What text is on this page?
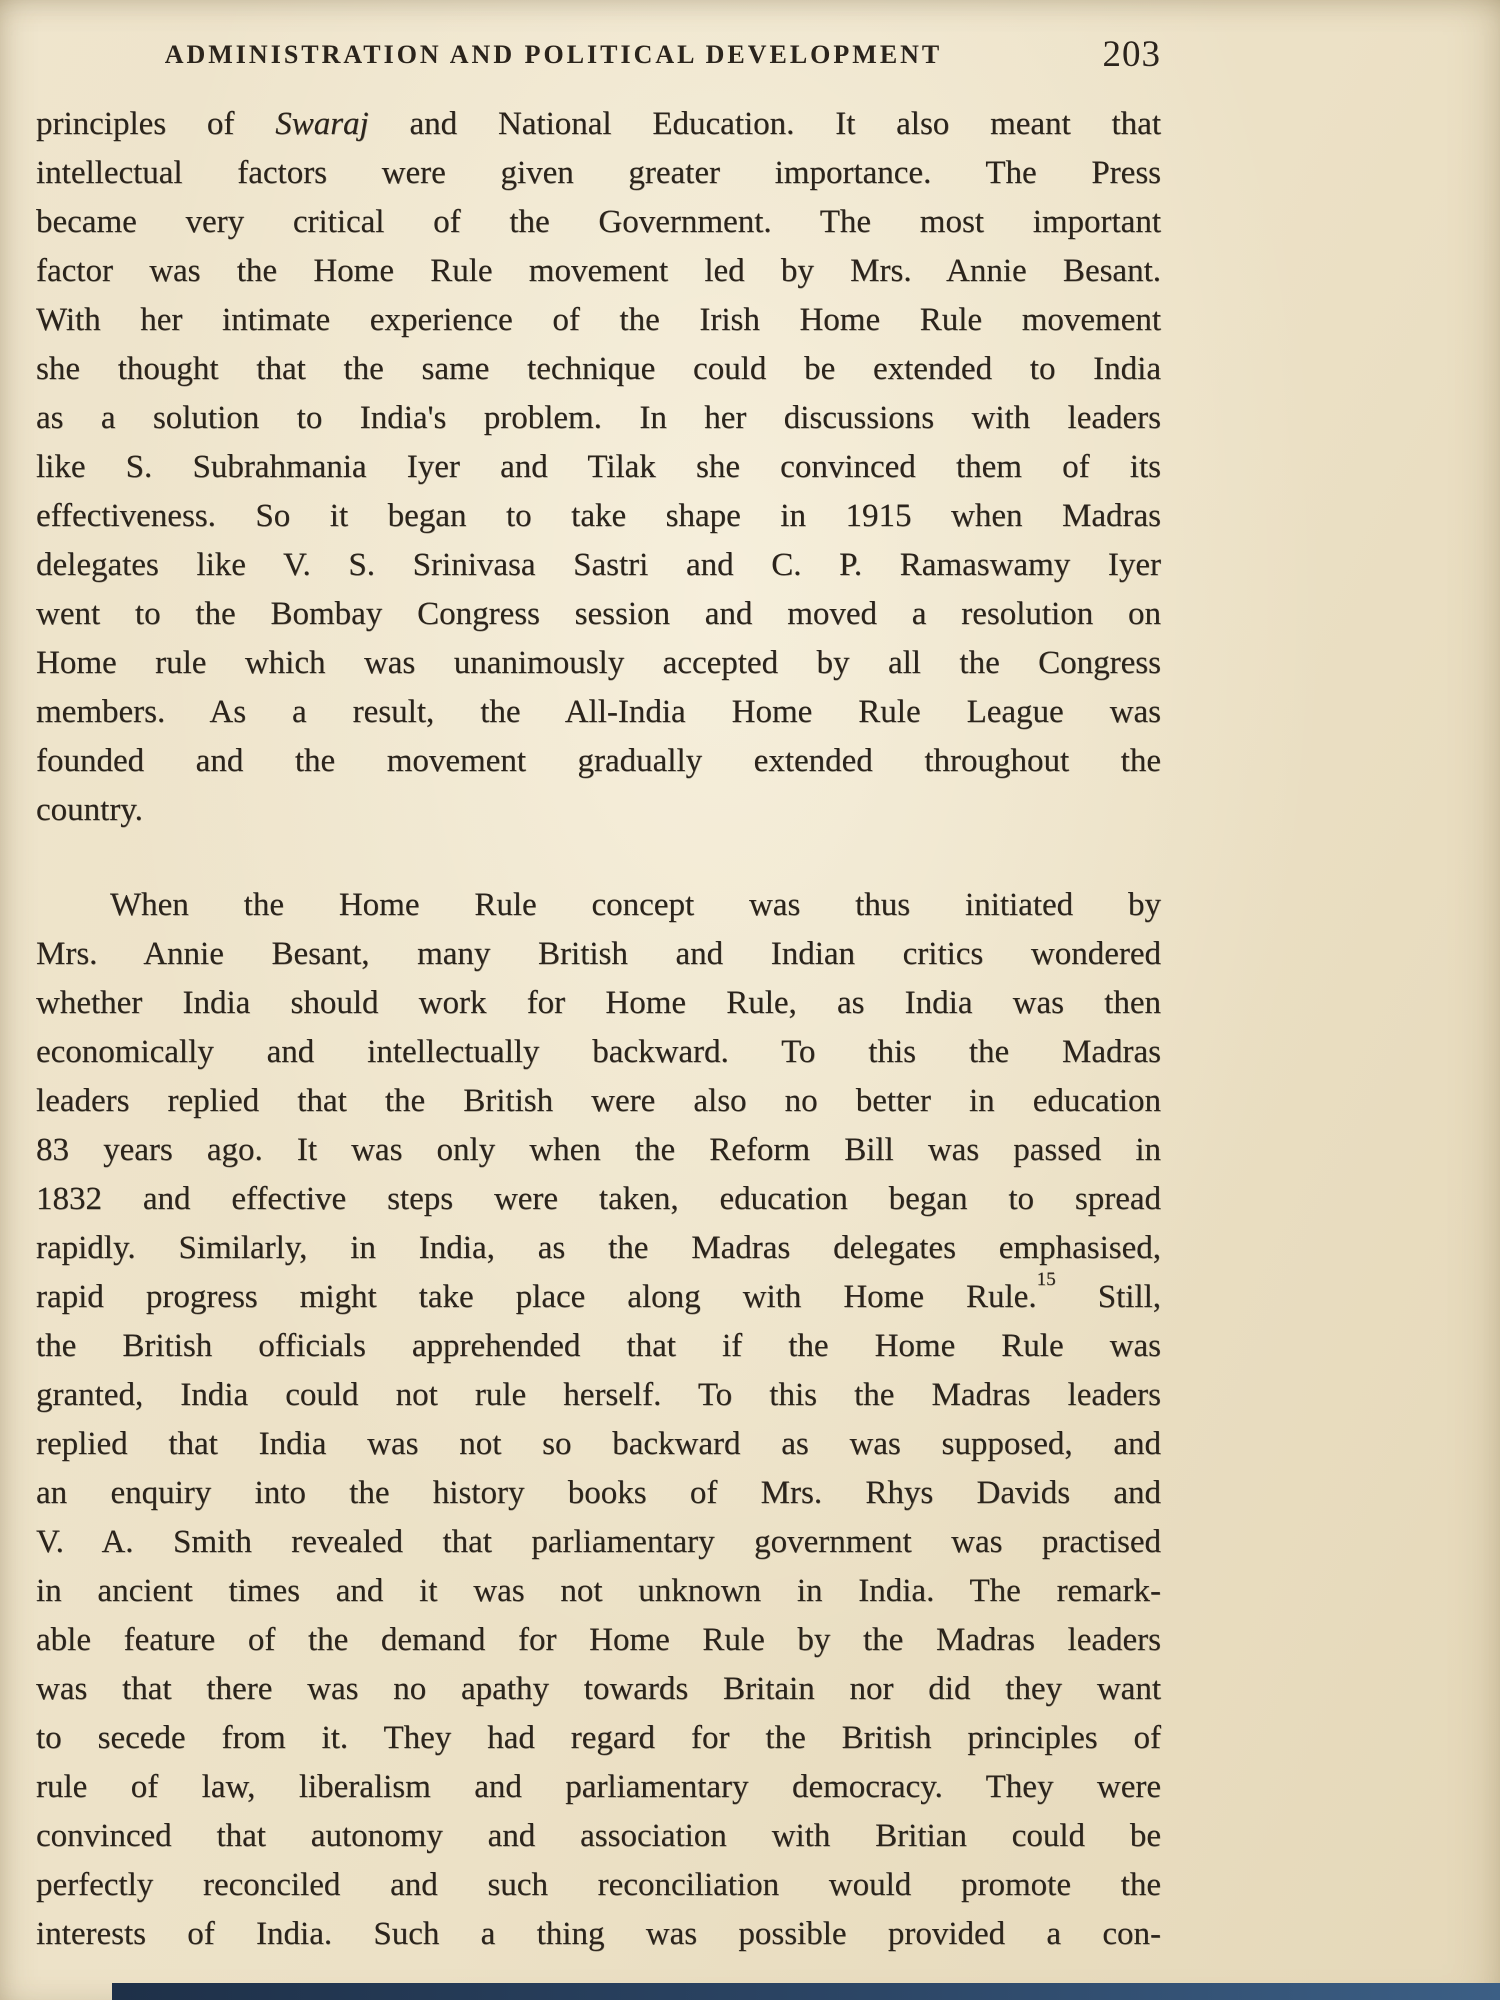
ADMINISTRATION AND POLITICAL DEVELOPMENT	203
principles of Swaraj and National Education. It also meant that
intellectual factors were given greater importance. The Press
became very critical of the Government. The most important
factor was the Home Rule movement led by Mrs. Annie Besant.
With her intimate experience of the Irish Home Rule movement
she thought that the same technique could be extended to India
as a solution to India's problem. In her discussions with leaders
like S. Subrahmania Iyer and Tilak she convinced them of its
effectiveness. So it began to take shape in 1915 when Madras
delegates like V. S. Srinivasa Sastri and C. P. Ramaswamy Iyer
went to the Bombay Congress session and moved a resolution on
Home rule which was unanimously accepted by all the Congress
members. As a result, the All-India Home Rule League was
founded and the movement gradually extended throughout the
country.
When the Home Rule concept was thus initiated by
Mrs. Annie Besant, many British and Indian critics wondered
whether India should work for Home Rule, as India was then
economically and intellectually backward. To this the Madras
leaders replied that the British were also no better in education
83 years ago. It was only when the Reform Bill was passed in
1832 and effective steps were taken, education began to spread
rapidly. Similarly, in India, as the Madras delegates emphasised,
rapid progress might take place along with Home Rule.$^{15}$ Still,
the British officials apprehended that if the Home Rule was
granted, India could not rule herself. To this the Madras leaders
replied that India was not so backward as was supposed, and
an enquiry into the history books of Mrs. Rhys Davids and
V. A. Smith revealed that parliamentary government was practised
in ancient times and it was not unknown in India. The remark-
able feature of the demand for Home Rule by the Madras leaders
was that there was no apathy towards Britain nor did they want
to secede from it. They had regard for the British principles of
rule of law, liberalism and parliamentary democracy. They were
convinced that autonomy and association with Britian could be
perfectly reconciled and such reconciliation would promote the
interests of India. Such a thing was possible provided a con-
